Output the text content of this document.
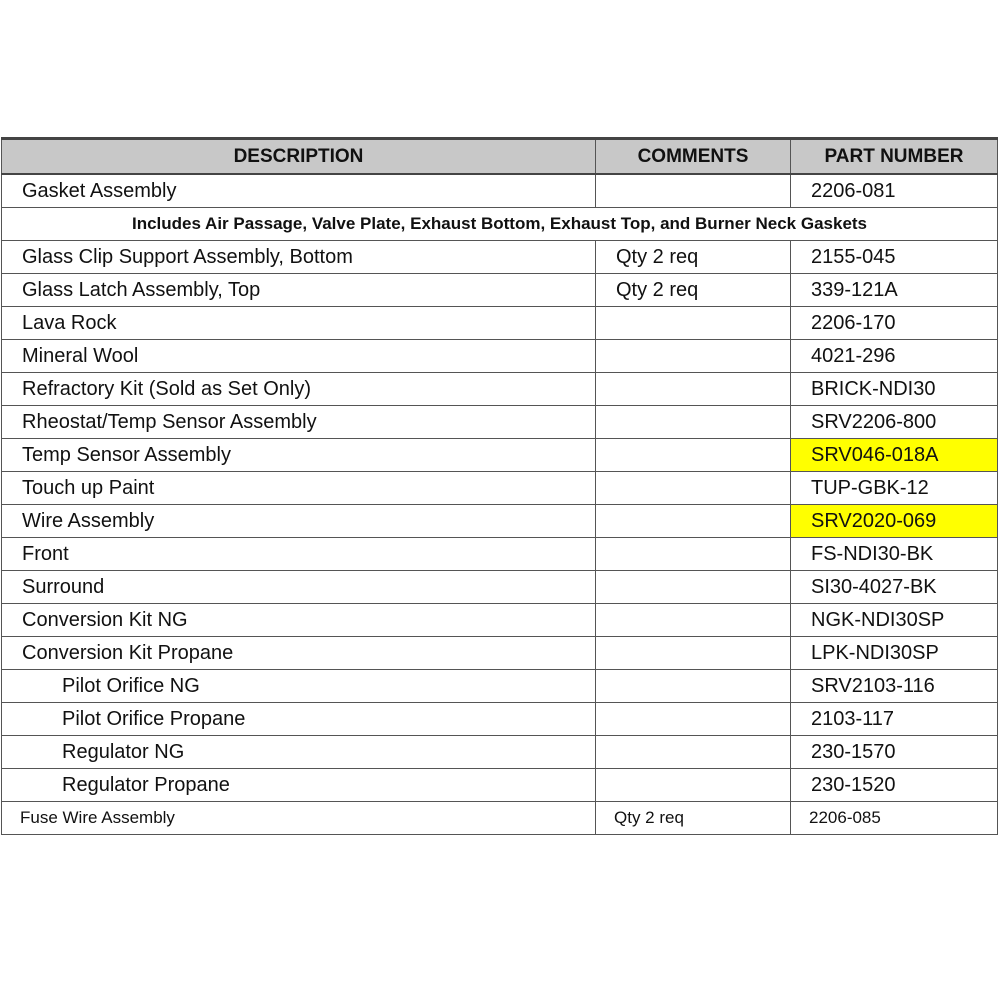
DESCRIPTION	COMMENTS	PART NUMBER
Gasket Assembly		2206-081
Includes Air Passage, Valve Plate, Exhaust Bottom, Exhaust Top, and Burner Neck Gaskets		
Glass Clip Support Assembly, Bottom	Qty 2 req	2155-045
Glass Latch Assembly, Top	Qty 2 req	339-121A
Lava Rock		2206-170
Mineral Wool		4021-296
Refractory Kit (Sold as Set Only)		BRICK-NDI30
Rheostat/Temp Sensor Assembly		SRV2206-800
Temp Sensor Assembly		SRV046-018A
Touch up Paint		TUP-GBK-12
Wire Assembly		SRV2020-069
Front		FS-NDI30-BK
Surround		SI30-4027-BK
Conversion Kit NG		NGK-NDI30SP
Conversion Kit Propane		LPK-NDI30SP
Pilot Orifice NG		SRV2103-116
Pilot Orifice Propane		2103-117
Regulator NG		230-1570
Regulator Propane		230-1520
Fuse Wire Assembly	Qty 2 req	2206-085
